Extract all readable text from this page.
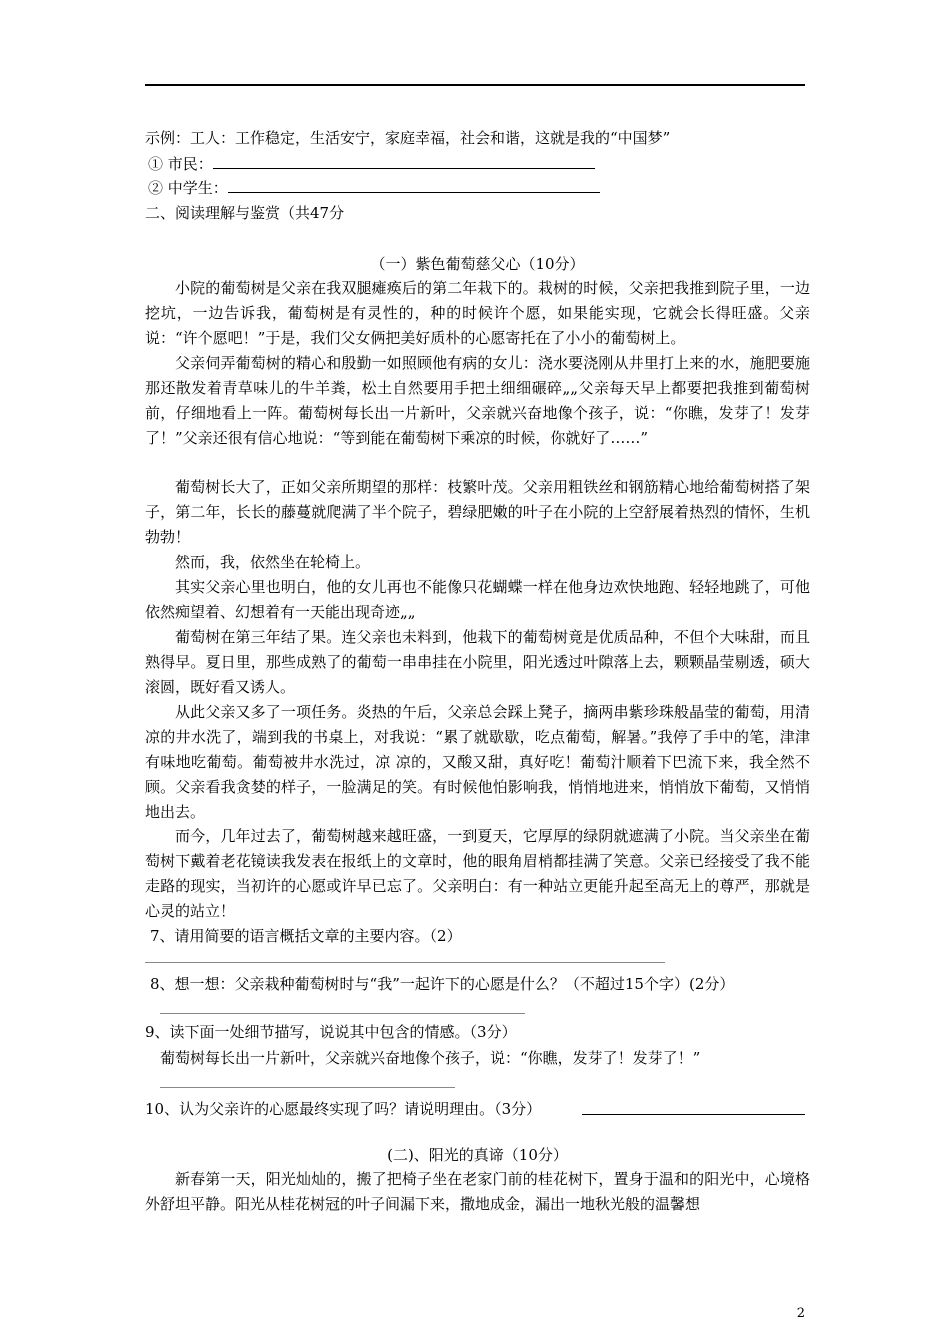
示例：工人：工作稳定，生活安宁，家庭幸福，社会和谐，这就是我的“中国梦”
① 市民：
② 中学生：
二、阅读理解与鉴赏（共47分
（一）紫色葡萄慈父心（10分）
小院的葡萄树是父亲在我双腿瘫痪后的第二年栽下的。栽树的时候，父亲把我推到院子里，一边挖坑，一边告诉我，葡萄树是有灵性的，种的时候许个愿，如果能实现，它就会长得旺盛。父亲说：“许个愿吧！”于是，我们父女俩把美好质朴的心愿寄托在了小小的葡萄树上。
父亲伺弄葡萄树的精心和殷勤一如照顾他有病的女儿：浇水要浇刚从井里打上来的水，施肥要施那还散发着青草味儿的牛羊粪，松土自然要用手把土细细碾碎„„父亲每天早上都要把我推到葡萄树前，仔细地看上一阵。葡萄树每长出一片新叶，父亲就兴奋地像个孩子，说：“你瞧，发芽了！发芽了！”父亲还很有信心地说：“等到能在葡萄树下乘凉的时候，你就好了……”
葡萄树长大了，正如父亲所期望的那样：枝繁叶茂。父亲用粗铁丝和钢筋精心地给葡萄树搭了架子，第二年，长长的藤蔓就爬满了半个院子，碧绿肥嫩的叶子在小院的上空舒展着热烈的情怀，生机勃勃！
然而，我，依然坐在轮椅上。
其实父亲心里也明白，他的女儿再也不能像只花蝴蝶一样在他身边欢快地跑、轻轻地跳了，可他依然痴望着、幻想着有一天能出现奇迹„„
葡萄树在第三年结了果。连父亲也未料到，他栽下的葡萄树竟是优质品种，不但个大味甜，而且熟得早。夏日里，那些成熟了的葡萄一串串挂在小院里，阳光透过叶隙落上去，颗颗晶莹剔透，硕大滚圆，既好看又诱人。
从此父亲又多了一项任务。炎热的午后，父亲总会踩上凳子，摘两串紫珍珠般晶莹的葡萄，用清凉的井水洗了，端到我的书桌上，对我说：“累了就歇歇，吃点葡萄，解暑。”我停了手中的笔，津津有味地吃葡萄。葡萄被井水洗过，凉 凉的，又酸又甜，真好吃！葡萄汁顺着下巴流下来，我全然不顾。父亲看我贪婪的样子，一脸满足的笑。有时候他怕影响我，悄悄地进来，悄悄放下葡萄，又悄悄地出去。
而今，几年过去了，葡萄树越来越旺盛，一到夏天，它厚厚的绿阴就遮满了小院。当父亲坐在葡萄树下戴着老花镜读我发表在报纸上的文章时，他的眼角眉梢都挂满了笑意。父亲已经接受了我不能走路的现实，当初许的心愿或许早已忘了。父亲明白：有一种站立更能升起至高无上的尊严，那就是心灵的站立！
7、请用简要的语言概括文章的主要内容。（2）
8、想一想：父亲栽种葡萄树时与“我”一起许下的心愿是什么？（不超过15个字）(2分）
9、读下面一处细节描写，说说其中包含的情感。（3分）
葡萄树每长出一片新叶，父亲就兴奋地像个孩子，说：“你瞧，发芽了！发芽了！”
10、认为父亲许的心愿最终实现了吗？请说明理由。（3分）
(二)、阳光的真谛（10分）
新春第一天，阳光灿灿的，搬了把椅子坐在老家门前的桂花树下，置身于温和的阳光中，心境格外舒坦平静。阳光从桂花树冠的叶子间漏下来，撒地成金，漏出一地秋光般的温馨想
2
